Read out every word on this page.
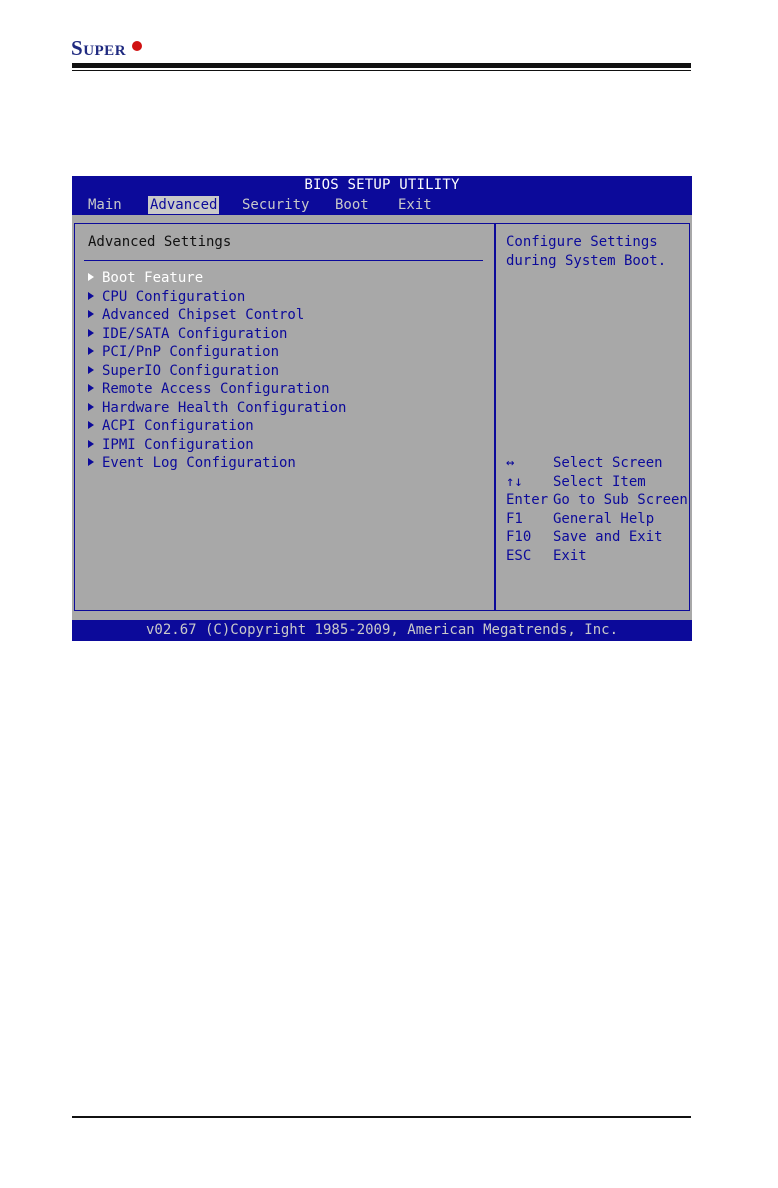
SUPER
BIOS SETUP UTILITY
Main Advanced Security Boot Exit
Advanced Settings
Boot Feature
CPU Configuration
Advanced Chipset Control
IDE/SATA Configuration
PCI/PnP Configuration
SuperIO Configuration
Remote Access Configuration
Hardware Health Configuration
ACPI Configuration
IPMI Configuration
Event Log Configuration
Configure Settings
during System Boot.
↔	Select Screen
↑↓ Select Item
Enter Go to Sub Screen
F1 General Help
F10 Save and Exit
ESC Exit
v02.67 (C)Copyright 1985-2009, American Megatrends, Inc.
